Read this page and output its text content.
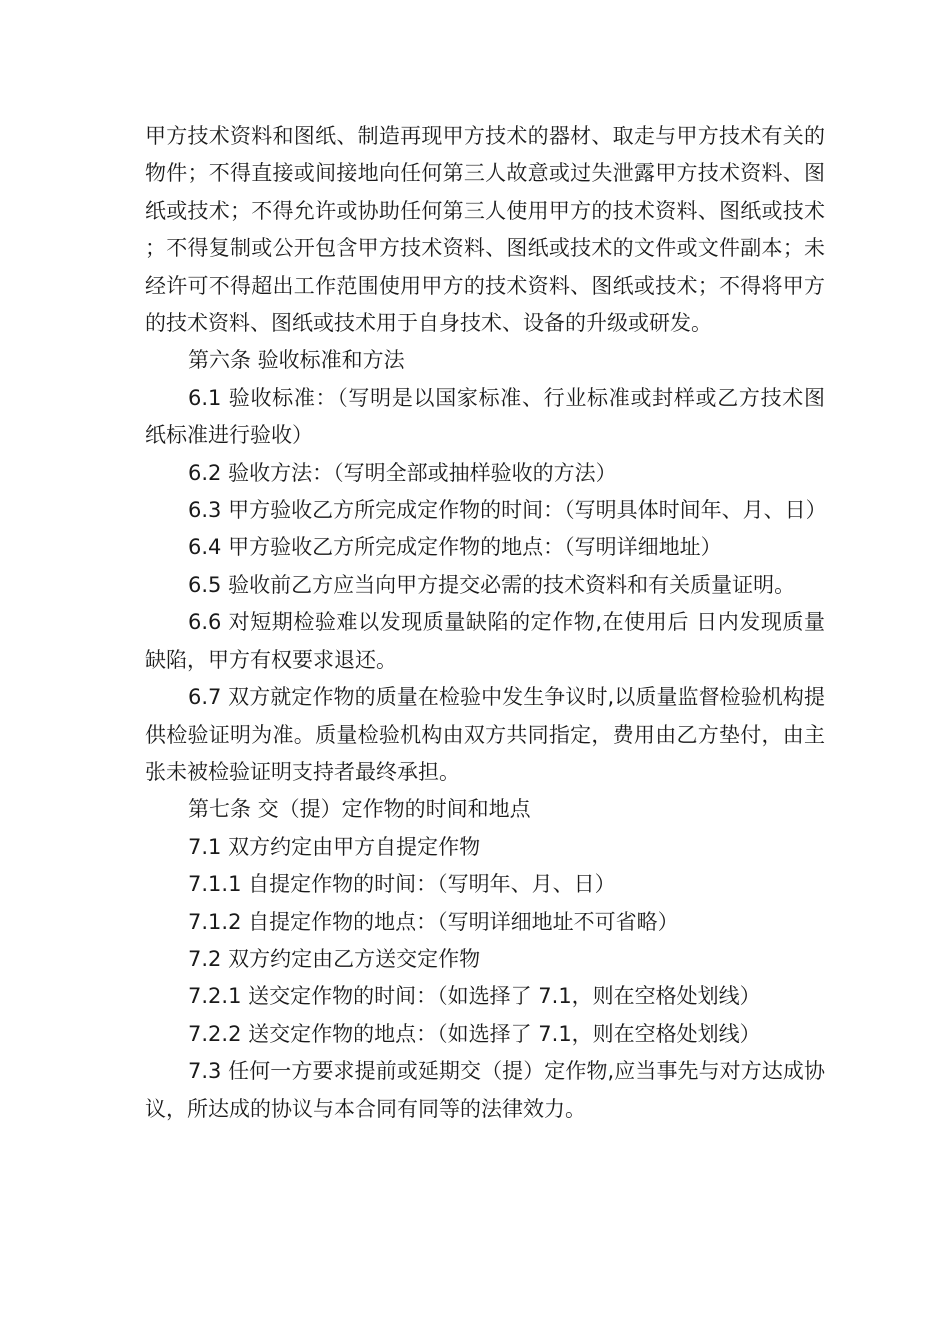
甲方技术资料和图纸、制造再现甲方技术的器材、取走与甲方技术有关的物件；不得直接或间接地向任何第三人故意或过失泄露甲方技术资料、图纸或技术；不得允许或协助任何第三人使用甲方的技术资料、图纸或技术；不得复制或公开包含甲方技术资料、图纸或技术的文件或文件副本；未经许可不得超出工作范围使用甲方的技术资料、图纸或技术；不得将甲方的技术资料、图纸或技术用于自身技术、设备的升级或研发。

第六条 验收标准和方法

6.1 验收标准：（写明是以国家标准、行业标准或封样或乙方技术图纸标准进行验收）

6.2 验收方法：（写明全部或抽样验收的方法）

6.3 甲方验收乙方所完成定作物的时间：（写明具体时间年、月、日）

6.4 甲方验收乙方所完成定作物的地点：（写明详细地址）

6.5 验收前乙方应当向甲方提交必需的技术资料和有关质量证明。

6.6 对短期检验难以发现质量缺陷的定作物,在使用后 日内发现质量缺陷，甲方有权要求退还。

6.7 双方就定作物的质量在检验中发生争议时,以质量监督检验机构提供检验证明为准。质量检验机构由双方共同指定，费用由乙方垫付，由主张未被检验证明支持者最终承担。

第七条 交（提）定作物的时间和地点

7.1 双方约定由甲方自提定作物

7.1.1 自提定作物的时间：（写明年、月、日）

7.1.2 自提定作物的地点：（写明详细地址不可省略）

7.2 双方约定由乙方送交定作物

7.2.1 送交定作物的时间：（如选择了 7.1，则在空格处划线）

7.2.2 送交定作物的地点：（如选择了 7.1，则在空格处划线）

7.3 任何一方要求提前或延期交（提）定作物,应当事先与对方达成协议，所达成的协议与本合同有同等的法律效力。
